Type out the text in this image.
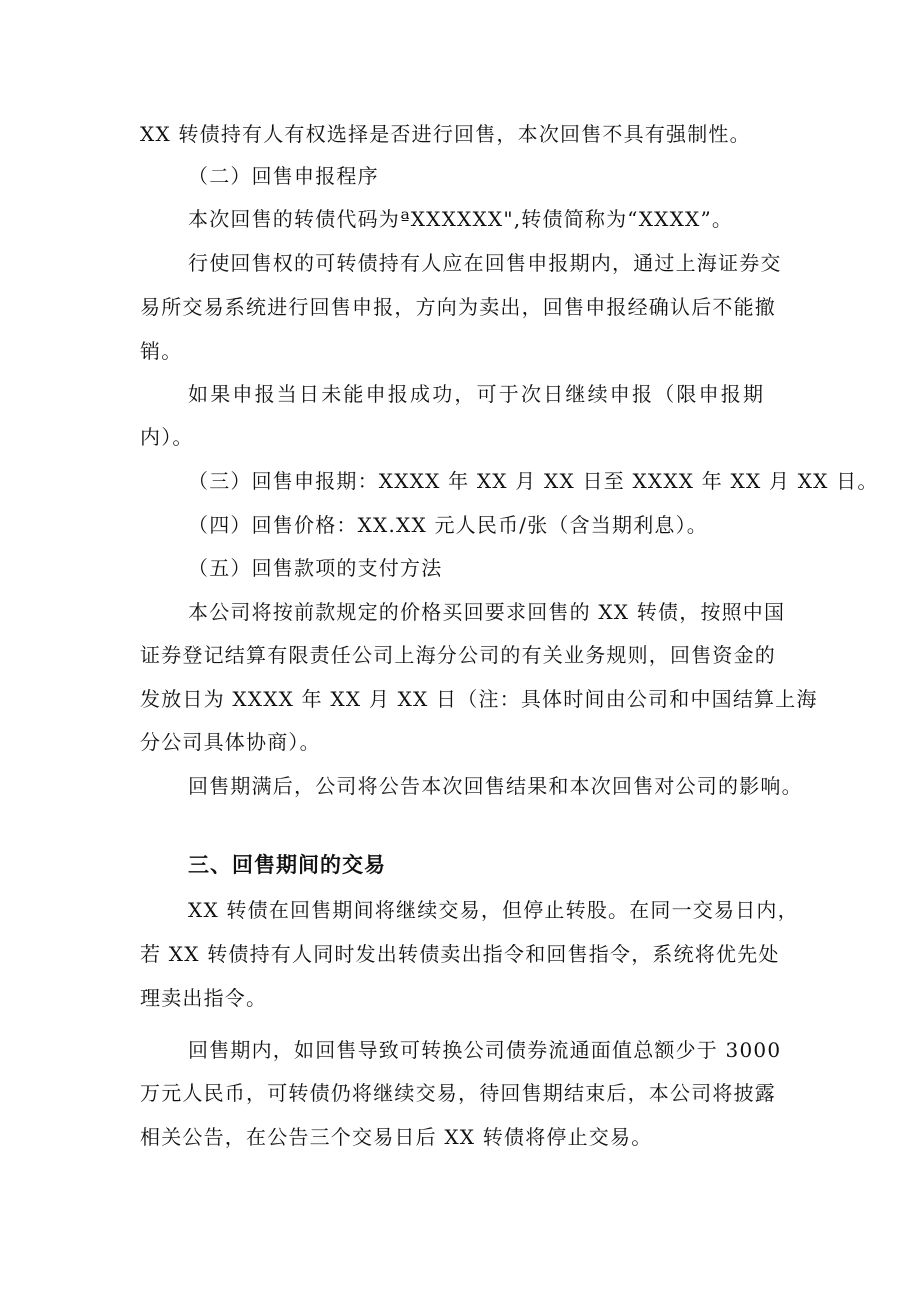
XX 转债持有人有权选择是否进行回售，本次回售不具有强制性。
（二）回售申报程序
本次回售的转债代码为ªXXXXXX",转债简称为“XXXX”。
行使回售权的可转债持有人应在回售申报期内，通过上海证券交
易所交易系统进行回售申报，方向为卖出，回售申报经确认后不能撤
销。
如果申报当日未能申报成功，可于次日继续申报（限申报期
内）。
（三）回售申报期：XXXX 年 XX 月 XX 日至 XXXX 年 XX 月 XX 日。
（四）回售价格：XX.XX 元人民币/张（含当期利息）。
（五）回售款项的支付方法
本公司将按前款规定的价格买回要求回售的 XX 转债，按照中国
证券登记结算有限责任公司上海分公司的有关业务规则，回售资金的
发放日为 XXXX 年 XX 月 XX 日（注：具体时间由公司和中国结算上海
分公司具体协商）。
回售期满后，公司将公告本次回售结果和本次回售对公司的影响。
三、回售期间的交易
XX 转债在回售期间将继续交易，但停止转股。在同一交易日内，
若 XX 转债持有人同时发出转债卖出指令和回售指令，系统将优先处
理卖出指令。
回售期内，如回售导致可转换公司债券流通面值总额少于 3000
万元人民币，可转债仍将继续交易，待回售期结束后，本公司将披露
相关公告，在公告三个交易日后 XX 转债将停止交易。
